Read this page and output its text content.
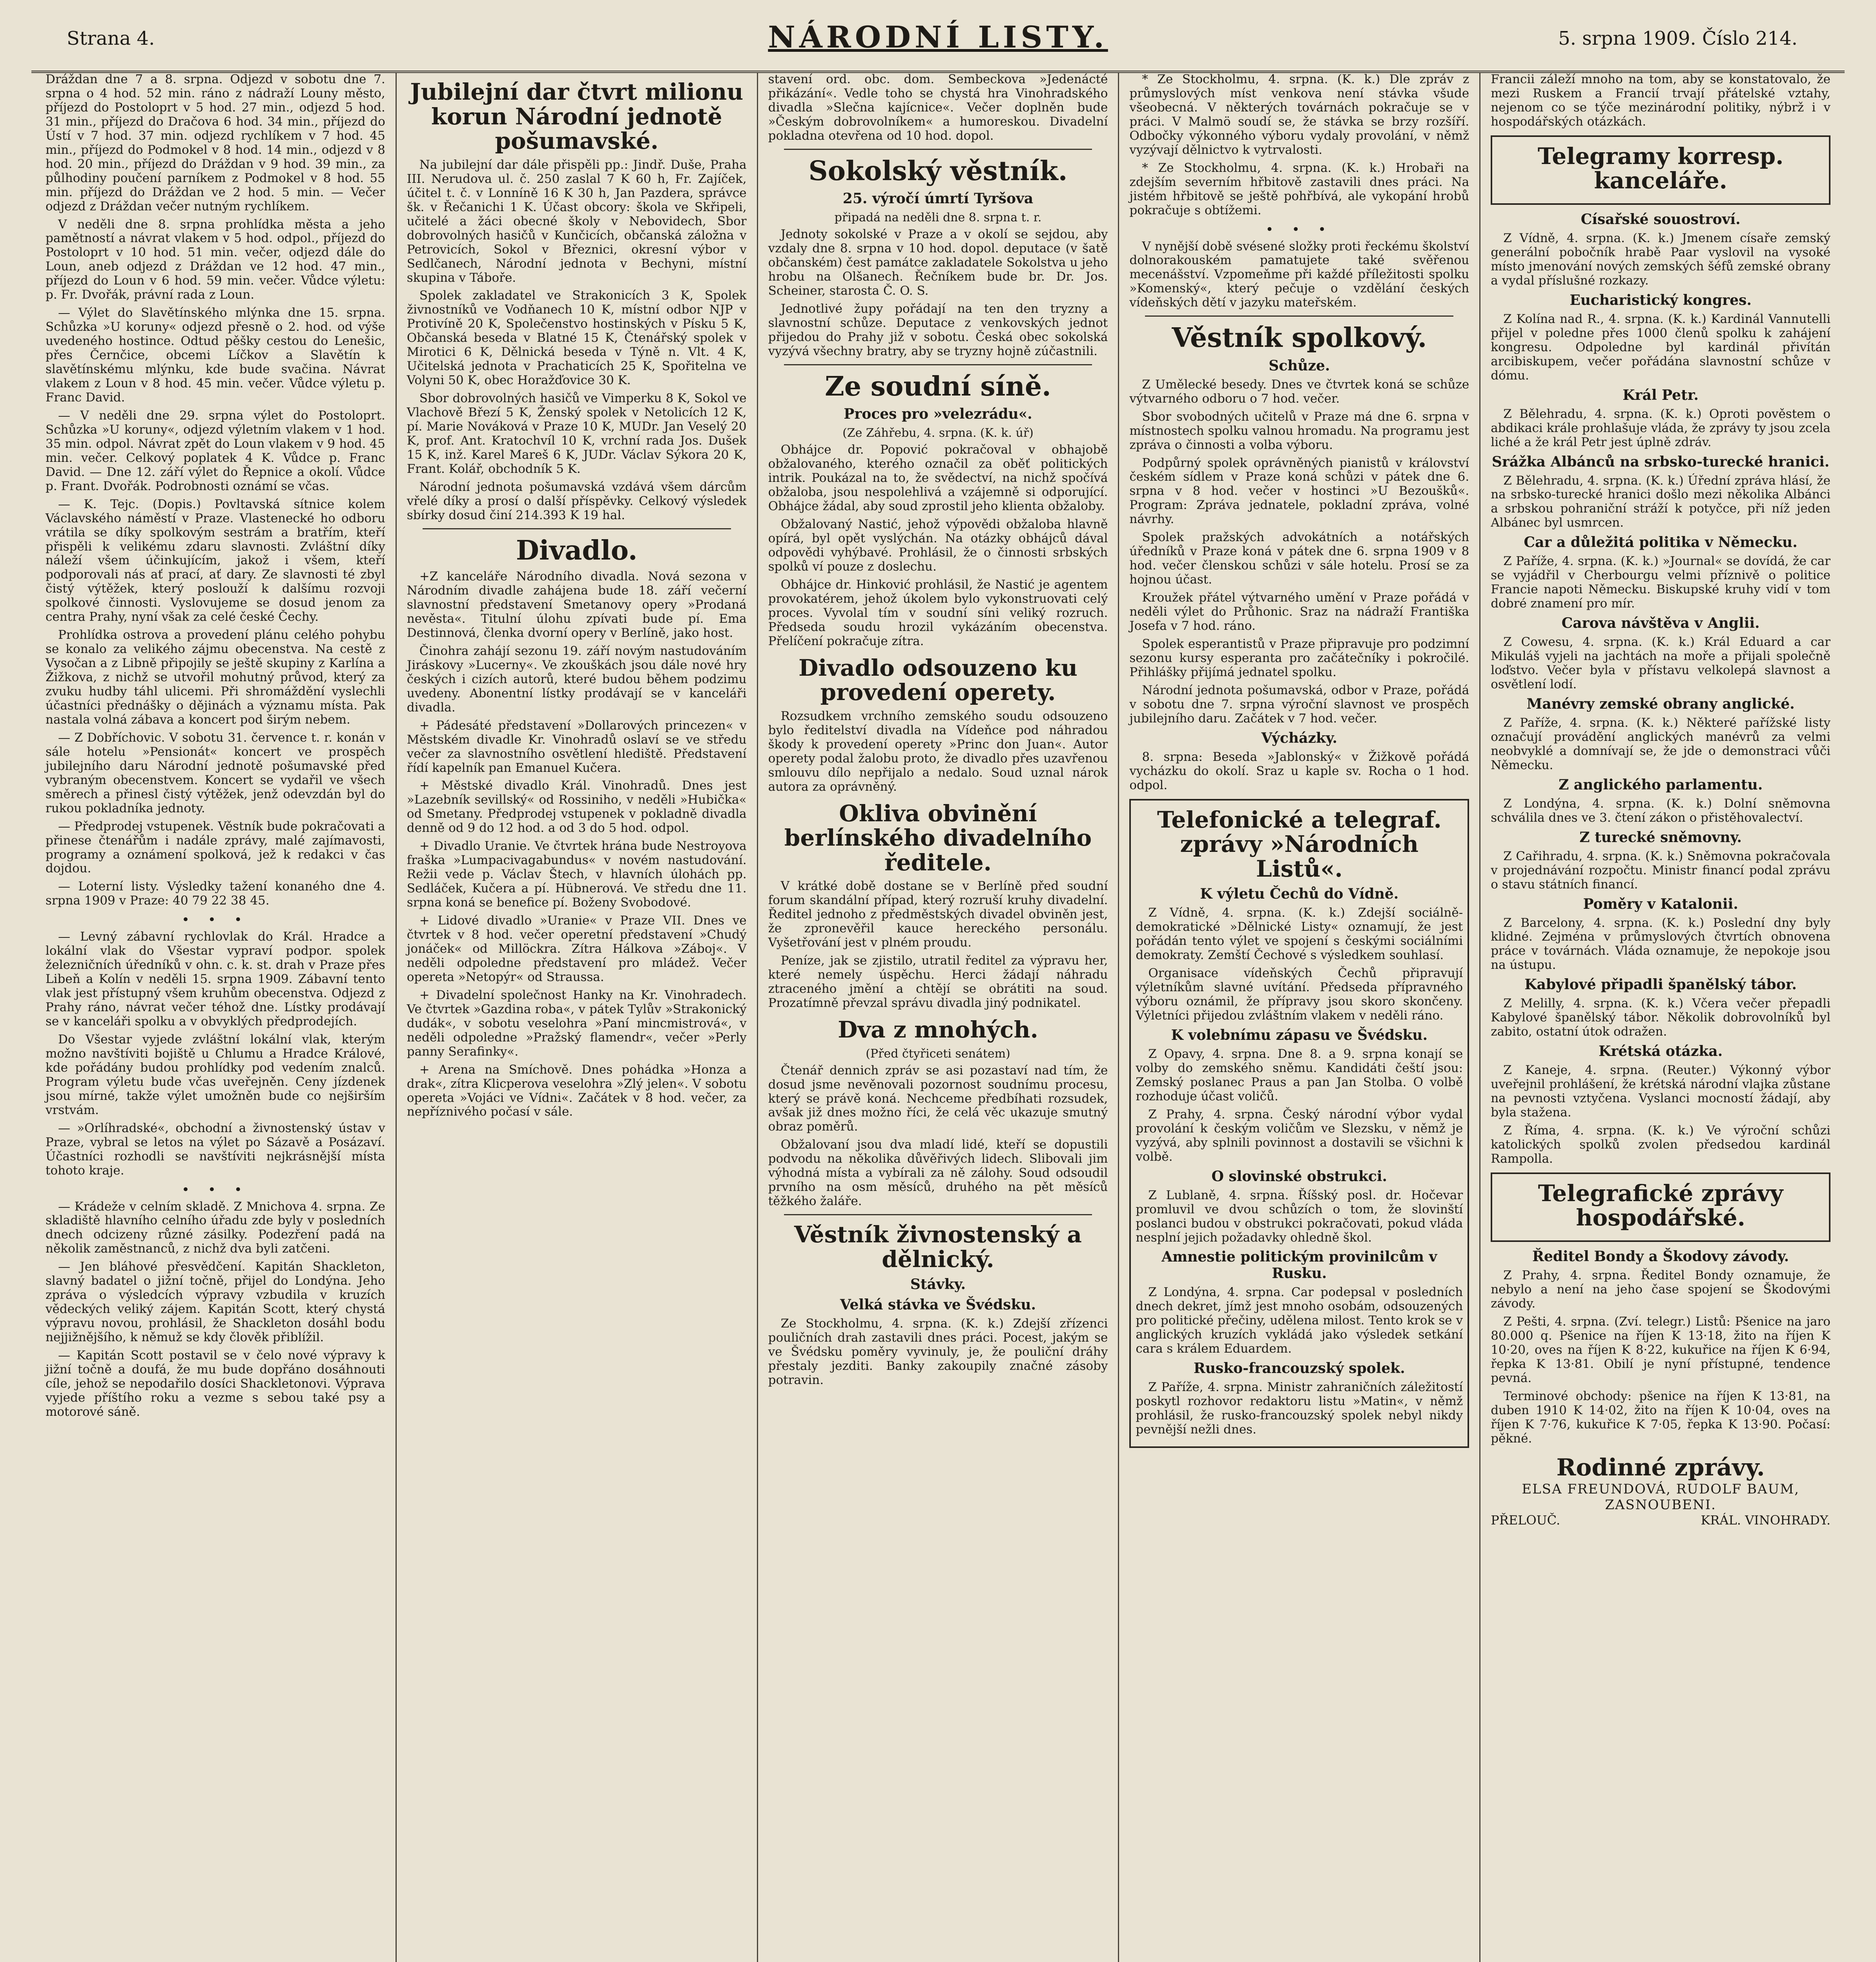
Strana 4.	NÁRODNÍ LISTY.	5. srpna 1909. Číslo 214.

Dráždan dne 7 a 8. srpna. Odjezd v sobotu dne 7. srpna o 4 hod. 52 min. ráno z nádraží Louny město, příjezd do Postoloprt v 5 hod. 27 min., odjezd 5 hod. 31 min., příjezd do Dračova 6 hod. 34 min., příjezd do Ústí v 7 hod. 37 min. odjezd rychlíkem v 7 hod. 45 min., příjezd do Podmokel v 8 hod. 14 min., odjezd v 8 hod. 20 min., příjezd do Dráždan v 9 hod. 39 min., za půlhodiny poučení parníkem z Podmokel v 8 hod. 55 min. příjezd do Dráždan ve 2 hod. 5 min. — Večer odjezd z Dráždan večer nutným rychlíkem.

V neděli dne 8. srpna prohlídka města a jeho pamětností a návrat vlakem v 5 hod. odpol., příjezd do Postoloprt v 10 hod. 51 min. večer, odjezd dále do Loun, aneb odjezd z Dráždan ve 12 hod. 47 min., příjezd do Loun v 6 hod. 59 min. večer. Vůdce výletu: p. Fr. Dvořák, právní rada z Loun.

— Výlet do Slavětínského mlýnka dne 15. srpna. Schůzka »U koruny« odjezd přesně o 2. hod. od výše uvedeného hostince. Odtud pěšky cestou do Lenešic, přes Černčice, obcemi Líčkov a Slavětín k slavětínskému mlýnku, kde bude svačina. Návrat vlakem z Loun v 8 hod. 45 min. večer. Vůdce výletu p. Franc David.

— V neděli dne 29. srpna výlet do Postoloprt. Schůzka »U koruny«, odjezd výletním vlakem v 1 hod. 35 min. odpol. Návrat zpět do Loun vlakem v 9 hod. 45 min. večer. Celkový poplatek 4 K. Vůdce p. Franc David. — Dne 12. září výlet do Řepnice a okolí. Vůdce p. Frant. Dvořák. Podrobnosti oznámí se včas.

— K. Tejc. (Dopis.) Povltavská sítnice kolem Václavského náměstí v Praze. Vlastenecké ho odboru vrátila se díky spolkovým sestrám a bratřím, kteří přispěli k velikému zdaru slavnosti. Zvláštní díky náleží všem účinkujícím, jakož i všem, kteří podporovali nás ať prací, ať dary. Ze slavnosti té zbyl čistý výtěžek, který poslouží k dalšímu rozvoji spolkové činnosti. Vyslovujeme se dosud jenom za centra Prahy, nyní však za celé české Čechy.

Prohlídka ostrova a provedení plánu celého pohybu se konalo za velikého zájmu obecenstva. Na cestě z Vysočan a z Libně připojily se ještě skupiny z Karlína a Žižkova, z nichž se utvořil mohutný průvod, který za zvuku hudby táhl ulicemi. Při shromáždění vyslechli účastníci přednášky o dějinách a významu místa. Pak nastala volná zábava a koncert pod širým nebem.

— Z Dobříchovic. V sobotu 31. července t. r. konán v sále hotelu »Pensionát« koncert ve prospěch jubilejního daru Národní jednotě pošumavské před vybraným obecenstvem. Koncert se vydařil ve všech směrech a přinesl čistý výtěžek, jenž odevzdán byl do rukou pokladníka jednoty.

— Předprodej vstupenek. Věstník bude pokračovati a přinese čtenářům i nadále zprávy, malé zajímavosti, programy a oznámení spolková, jež k redakci v čas dojdou.

— Loterní listy. Výsledky tažení konaného dne 4. srpna 1909 v Praze: 40 79 22 38 45.

• • •

— Levný zábavní rychlovlak do Král. Hradce a lokální vlak do Všestar vypraví podpor. spolek železničních úředníků v ohn. c. k. st. drah v Praze přes Libeň a Kolín v neděli 15. srpna 1909. Zábavní tento vlak jest přístupný všem kruhům obecenstva. Odjezd z Prahy ráno, návrat večer téhož dne. Lístky prodávají se v kanceláři spolku a v obvyklých předprodejích.

Do Všestar vyjede zvláštní lokální vlak, kterým možno navštíviti bojiště u Chlumu a Hradce Králové, kde pořádány budou prohlídky pod vedením znalců. Program výletu bude včas uveřejněn. Ceny jízdenek jsou mírné, takže výlet umožněn bude co nejširším vrstvám.

— »Orlíhradské«, obchodní a živnostenský ústav v Praze, vybral se letos na výlet po Sázavě a Posázaví. Účastníci rozhodli se navštíviti nejkrásnější místa tohoto kraje.

• • •

— Krádeže v celním skladě. Z Mnichova 4. srpna. Ze skladiště hlavního celního úřadu zde byly v posledních dnech odcizeny různé zásilky. Podezření padá na několik zaměstnanců, z nichž dva byli zatčeni.

— Jen bláhové přesvědčení. Kapitán Shackleton, slavný badatel o jižní točně, přijel do Londýna. Jeho zpráva o výsledcích výpravy vzbudila v kruzích vědeckých veliký zájem. Kapitán Scott, který chystá výpravu novou, prohlásil, že Shackleton dosáhl bodu nejjižnějšího, k němuž se kdy člověk přiblížil.

— Kapitán Scott postavil se v čelo nové výpravy k jižní točně a doufá, že mu bude dopřáno dosáhnouti cíle, jehož se nepodařilo dosíci Shackletonovi. Výprava vyjede příštího roku a vezme s sebou také psy a motorové sáně.

Jubilejní dar čtvrt milionu korun Národní jednotě pošumavské.

Na jubilejní dar dále přispěli pp.: Jindř. Duše, Praha III. Nerudova ul. č. 250 zaslal 7 K 60 h, Fr. Zajíček, účitel t. č. v Lonníně 16 K 30 h, Jan Pazdera, správce šk. v Řečanichi 1 K. Účast obcory: škola ve Skřipeli, učitelé a žáci obecné školy v Nebovidech, Sbor dobrovolných hasičů v Kunčicích, občanská záložna v Petrovicích, Sokol v Březnici, okresní výbor v Sedlčanech, Národní jednota v Bechyni, místní skupina v Táboře.

Spolek zakladatel ve Strakonicích 3 K, Spolek živnostníků ve Vodňanech 10 K, místní odbor NJP v Protivíně 20 K, Společenstvo hostinských v Písku 5 K, Občanská beseda v Blatné 15 K, Čtenářský spolek v Mirotici 6 K, Dělnická beseda v Týně n. Vlt. 4 K, Učitelská jednota v Prachaticích 25 K, Spořitelna ve Volyni 50 K, obec Horažďovice 30 K.

Sbor dobrovolných hasičů ve Vimperku 8 K, Sokol ve Vlachově Březí 5 K, Ženský spolek v Netolicích 12 K, pí. Marie Nováková v Praze 10 K, MUDr. Jan Veselý 20 K, prof. Ant. Kratochvíl 10 K, vrchní rada Jos. Dušek 15 K, inž. Karel Mareš 6 K, JUDr. Václav Sýkora 20 K, Frant. Kolář, obchodník 5 K.

Národní jednota pošumavská vzdává všem dárcům vřelé díky a prosí o další příspěvky. Celkový výsledek sbírky dosud činí 214.393 K 19 hal.

Divadlo.

+Z kanceláře Národního divadla. Nová sezona v Národním divadle zahájena bude 18. září večerní slavnostní představení Smetanovy opery »Prodaná nevěsta«. Titulní úlohu zpívati bude pí. Ema Destinnová, členka dvorní opery v Berlíně, jako host.

Činohra zahájí sezonu 19. září novým nastudováním Jiráskovy »Lucerny«. Ve zkouškách jsou dále nové hry českých i cizích autorů, které budou během podzimu uvedeny. Abonentní lístky prodávají se v kanceláři divadla.

+ Pádesáté představení »Dollarových princezen« v Městském divadle Kr. Vinohradů oslaví se ve středu večer za slavnostního osvětlení hlediště. Představení řídí kapelník pan Emanuel Kučera.

+ Městské divadlo Král. Vinohradů. Dnes jest »Lazebník sevillský« od Rossiniho, v neděli »Hubička« od Smetany. Předprodej vstupenek v pokladně divadla denně od 9 do 12 hod. a od 3 do 5 hod. odpol.

+ Divadlo Uranie. Ve čtvrtek hrána bude Nestroyova fraška »Lumpacivagabundus« v novém nastudování. Režii vede p. Václav Štech, v hlavních úlohách pp. Sedláček, Kučera a pí. Hübnerová. Ve středu dne 11. srpna koná se benefice pí. Boženy Svobodové.

+ Lidové divadlo »Uranie« v Praze VII. Dnes ve čtvrtek v 8 hod. večer operetní představení »Chudý jonáček« od Millöckra. Zítra Hálkova »Záboj«. V neděli odpoledne představení pro mládež. Večer opereta »Netopýr« od Straussa.

+ Divadelní společnost Hanky na Kr. Vinohradech. Ve čtvrtek »Gazdina roba«, v pátek Tylův »Strakonický dudák«, v sobotu veselohra »Paní mincmistrová«, v neděli odpoledne »Pražský flamendr«, večer »Perly panny Serafinky«.

+ Arena na Smíchově. Dnes pohádka »Honza a drak«, zítra Klicperova veselohra »Zlý jelen«. V sobotu opereta »Vojáci ve Vídni«. Začátek v 8 hod. večer, za nepříznivého počasí v sále.

stavení ord. obc. dom. Sembeckova »Jedenácté přikázání«. Vedle toho se chystá hra Vinohradského divadla »Slečna kajícnice«. Večer doplněn bude »Českým dobrovolníkem« a humoreskou. Divadelní pokladna otevřena od 10 hod. dopol.

Sokolský věstník.
25. výročí úmrtí Tyršova
připadá na neděli dne 8. srpna t. r.

Jednoty sokolské v Praze a v okolí se sejdou, aby vzdaly dne 8. srpna v 10 hod. dopol. deputace (v šatě občanském) čest památce zakladatele Sokolstva u jeho hrobu na Olšanech. Řečníkem bude br. Dr. Jos. Scheiner, starosta Č. O. S.

Jednotlivé župy pořádají na ten den tryzny a slavnostní schůze. Deputace z venkovských jednot přijedou do Prahy již v sobotu. Česká obec sokolská vyzývá všechny bratry, aby se tryzny hojně zúčastnili.

Ze soudní síně.
Proces pro »velezrádu«.
(Ze Záhřebu, 4. srpna. (K. k. úř)

Obhájce dr. Popović pokračoval v obhajobě obžalovaného, kterého označil za oběť politických intrik. Poukázal na to, že svědectví, na nichž spočívá obžaloba, jsou nespolehlivá a vzájemně si odporující. Obhájce žádal, aby soud zprostil jeho klienta obžaloby.

Obžalovaný Nastić, jehož výpovědi obžaloba hlavně opírá, byl opět vyslýchán. Na otázky obhájců dával odpovědi vyhýbavé. Prohlásil, že o činnosti srbských spolků ví pouze z doslechu.

Obhájce dr. Hinković prohlásil, že Nastić je agentem provokatérem, jehož úkolem bylo vykonstruovati celý proces. Vyvolal tím v soudní síni veliký rozruch. Předseda soudu hrozil vykázáním obecenstva. Přelíčení pokračuje zítra.

Divadlo odsouzeno ku provedení operety.

Rozsudkem vrchního zemského soudu odsouzeno bylo ředitelství divadla na Vídeňce pod náhradou škody k provedení operety »Princ don Juan«. Autor operety podal žalobu proto, že divadlo přes uzavřenou smlouvu dílo nepřijalo a nedalo. Soud uznal nárok autora za oprávněný.

Okliva obvinění berlínského divadelního ředitele.

V krátké době dostane se v Berlíně před soudní forum skandální případ, který rozruší kruhy divadelní. Ředitel jednoho z předměstských divadel obviněn jest, že zpronevěřil kauce hereckého personálu. Vyšetřování jest v plném proudu.

Peníze, jak se zjistilo, utratil ředitel za výpravu her, které nemely úspěchu. Herci žádají náhradu ztraceného jmění a chtějí se obrátiti na soud. Prozatímně převzal správu divadla jiný podnikatel.

Dva z mnohých.
(Před čtyřiceti senátem)

Čtenář dennich zpráv se asi pozastaví nad tím, že dosud jsme nevěnovali pozornost soudnímu procesu, který se právě koná. Nechceme předbíhati rozsudek, avšak již dnes možno říci, že celá věc ukazuje smutný obraz poměrů.

Obžalovaní jsou dva mladí lidé, kteří se dopustili podvodu na několika důvěřivých lidech. Slibovali jim výhodná místa a vybírali za ně zálohy. Soud odsoudil prvního na osm měsíců, druhého na pět měsíců těžkého žaláře.

Věstník živnostenský a dělnický.
Stávky.
Velká stávka ve Švédsku.

Ze Stockholmu, 4. srpna. (K. k.) Zdejší zřízenci pouličních drah zastavili dnes práci. Pocest, jakým se ve Švédsku poměry vyvinuly, je, že pouliční dráhy přestaly jezditi. Banky zakoupily značné zásoby potravin.

* Ze Stockholmu, 4. srpna. (K. k.) Dle zpráv z průmyslových míst venkova není stávka všude všeobecná. V některých továrnách pokračuje se v práci. V Malmö soudí se, že stávka se brzy rozšíří. Odbočky výkonného výboru vydaly provolání, v němž vyzývají dělnictvo k vytrvalosti.

* Ze Stockholmu, 4. srpna. (K. k.) Hrobaři na zdejším severním hřbitově zastavili dnes práci. Na jistém hřbitově se ještě pohřbívá, ale vykopání hrobů pokračuje s obtížemi.

• • •

V nynější době svésené složky proti řeckému školství dolnorakouském pamatujete také svěřenou mecenášství. Vzpomeňme při každé příležitosti spolku »Komenský«, který pečuje o vzdělání českých vídeňských dětí v jazyku mateřském.

Věstník spolkový.
Schůze.

Z Umělecké besedy. Dnes ve čtvrtek koná se schůze výtvarného odboru o 7 hod. večer.

Sbor svobodných učitelů v Praze má dne 6. srpna v místnostech spolku valnou hromadu. Na programu jest zpráva o činnosti a volba výboru.

Podpůrný spolek oprávněných pianistů v království českém sídlem v Praze koná schůzi v pátek dne 6. srpna v 8 hod. večer v hostinci »U Bezoušků«. Program: Zpráva jednatele, pokladní zpráva, volné návrhy.

Spolek pražských advokátních a notářských úředníků v Praze koná v pátek dne 6. srpna 1909 v 8 hod. večer členskou schůzi v sále hotelu. Prosí se za hojnou účast.

Kroužek přátel výtvarného umění v Praze pořádá v neděli výlet do Průhonic. Sraz na nádraží Františka Josefa v 7 hod. ráno.

Spolek esperantistů v Praze připravuje pro podzimní sezonu kursy esperanta pro začátečníky i pokročilé. Přihlášky přijímá jednatel spolku.

Národní jednota pošumavská, odbor v Praze, pořádá v sobotu dne 7. srpna výroční slavnost ve prospěch jubilejního daru. Začátek v 7 hod. večer.

Výcházky.

8. srpna: Beseda »Jablonský« v Žižkově pořádá vycházku do okolí. Sraz u kaple sv. Rocha o 1 hod. odpol.

Telefonické a telegraf. zprávy »Národních Listů«.
K výletu Čechů do Vídně.

Z Vídně, 4. srpna. (K. k.) Zdejší sociálně-demokratické »Dělnické Listy« oznamují, že jest pořádán tento výlet ve spojení s českými sociálními demokraty. Zemští Čechové s výsledkem souhlasí.

Organisace vídeňských Čechů připravují výletníkům slavné uvítání. Předseda přípravného výboru oznámil, že přípravy jsou skoro skončeny. Výletníci přijedou zvláštním vlakem v neděli ráno.

K volebnímu zápasu ve Švédsku.

Z Opavy, 4. srpna. Dne 8. a 9. srpna konají se volby do zemského sněmu. Kandidáti čeští jsou: Zemský poslanec Praus a pan Jan Stolba. O volbě rozhoduje účast voličů.

Z Prahy, 4. srpna. Český národní výbor vydal provolání k českým voličům ve Slezsku, v němž je vyzývá, aby splnili povinnost a dostavili se všichni k volbě.

O slovinské obstrukci.

Z Lublaně, 4. srpna. Říšský posl. dr. Hočevar promluvil ve dvou schůzích o tom, že slovinští poslanci budou v obstrukci pokračovati, pokud vláda nesplní jejich požadavky ohledně škol.

Amnestie politickým provinilcům v Rusku.

Z Londýna, 4. srpna. Car podepsal v posledních dnech dekret, jímž jest mnoho osobám, odsouzených pro politické přečiny, udělena milost. Tento krok se v anglických kruzích vykládá jako výsledek setkání cara s králem Eduardem.

Rusko-francouzský spolek.

Z Paříže, 4. srpna. Ministr zahraničních záležitostí poskytl rozhovor redaktoru listu »Matin«, v němž prohlásil, že rusko-francouzský spolek nebyl nikdy pevnější nežli dnes.

Francii záleží mnoho na tom, aby se konstatovalo, že mezi Ruskem a Francií trvají přátelské vztahy, nejenom co se týče mezinárodní politiky, nýbrž i v hospodářských otázkách.

Telegramy korresp. kanceláře.
Císařské souostroví.

Z Vídně, 4. srpna. (K. k.) Jmenem císaře zemský generální pobočník hrabě Paar vyslovil na vysoké místo jmenování nových zemských šéfů zemské obrany a vydal příslušné rozkazy.

Eucharistický kongres.

Z Kolína nad R., 4. srpna. (K. k.) Kardinál Vannutelli přijel v poledne přes 1000 členů spolku k zahájení kongresu. Odpoledne byl kardinál přivítán arcibiskupem, večer pořádána slavnostní schůze v dómu.

Král Petr.

Z Bělehradu, 4. srpna. (K. k.) Oproti pověstem o abdikaci krále prohlašuje vláda, že zprávy ty jsou zcela liché a že král Petr jest úplně zdráv.

Srážka Albánců na srbsko-turecké hranici.

Z Bělehradu, 4. srpna. (K. k.) Úřední zpráva hlásí, že na srbsko-turecké hranici došlo mezi několika Albánci a srbskou pohraniční stráží k potyčce, při níž jeden Albánec byl usmrcen.

Car a důležitá politika v Německu.

Z Paříže, 4. srpna. (K. k.) »Journal« se dovídá, že car se vyjádřil v Cherbourgu velmi příznivě o politice Francie napoti Německu. Biskupské kruhy vidí v tom dobré znamení pro mír.

Carova návštěva v Anglii.

Z Cowesu, 4. srpna. (K. k.) Král Eduard a car Mikuláš vyjeli na jachtách na moře a přijali společně loďstvo. Večer byla v přístavu velkolepá slavnost a osvětlení lodí.

Manévry zemské obrany anglické.

Z Paříže, 4. srpna. (K. k.) Některé pařížské listy označují provádění anglických manévrů za velmi neobvyklé a domnívají se, že jde o demonstraci vůči Německu.

Z anglického parlamentu.

Z Londýna, 4. srpna. (K. k.) Dolní sněmovna schválila dnes ve 3. čtení zákon o přistěhovalectví.

Z turecké sněmovny.

Z Cařihradu, 4. srpna. (K. k.) Sněmovna pokračovala v projednávání rozpočtu. Ministr financí podal zprávu o stavu státních financí.

Poměry v Katalonii.

Z Barcelony, 4. srpna. (K. k.) Poslední dny byly klidné. Zejména v průmyslových čtvrtích obnovena práce v továrnách. Vláda oznamuje, že nepokoje jsou na ústupu.

Kabylové připadli španělský tábor.

Z Melilly, 4. srpna. (K. k.) Včera večer přepadli Kabylové španělský tábor. Několik dobrovolníků byl zabito, ostatní útok odražen.

Krétská otázka.

Z Kaneje, 4. srpna. (Reuter.) Výkonný výbor uveřejnil prohlášení, že krétská národní vlajka zůstane na pevnosti vztyčena. Vyslanci mocností žádají, aby byla stažena.

Z Říma, 4. srpna. (K. k.) Ve výroční schůzi katolických spolků zvolen předsedou kardinál Rampolla.

Telegrafické zprávy hospodářské.
Ředitel Bondy a Škodovy závody.

Z Prahy, 4. srpna. Ředitel Bondy oznamuje, že nebylo a není na jeho čase spojení se Škodovými závody.

Z Pešti, 4. srpna. (Zví. telegr.) Listů: Pšenice na jaro 80.000 q. Pšenice na říjen K 13·18, žito na říjen K 10·20, oves na říjen K 8·22, kukuřice na říjen K 6·94, řepka K 13·81. Obilí je nyní přístupné, tendence pevná.

Terminové obchody: pšenice na říjen K 13·81, na duben 1910 K 14·02, žito na říjen K 10·04, oves na říjen K 7·76, kukuřice K 7·05, řepka K 13·90. Počasí: pěkné.

Rodinné zprávy.
ELSA FREUNDOVÁ, RUDOLF BAUM,
ZASNOUBENI.
PŘELOUČ.	KRÁL. VINOHRADY.
